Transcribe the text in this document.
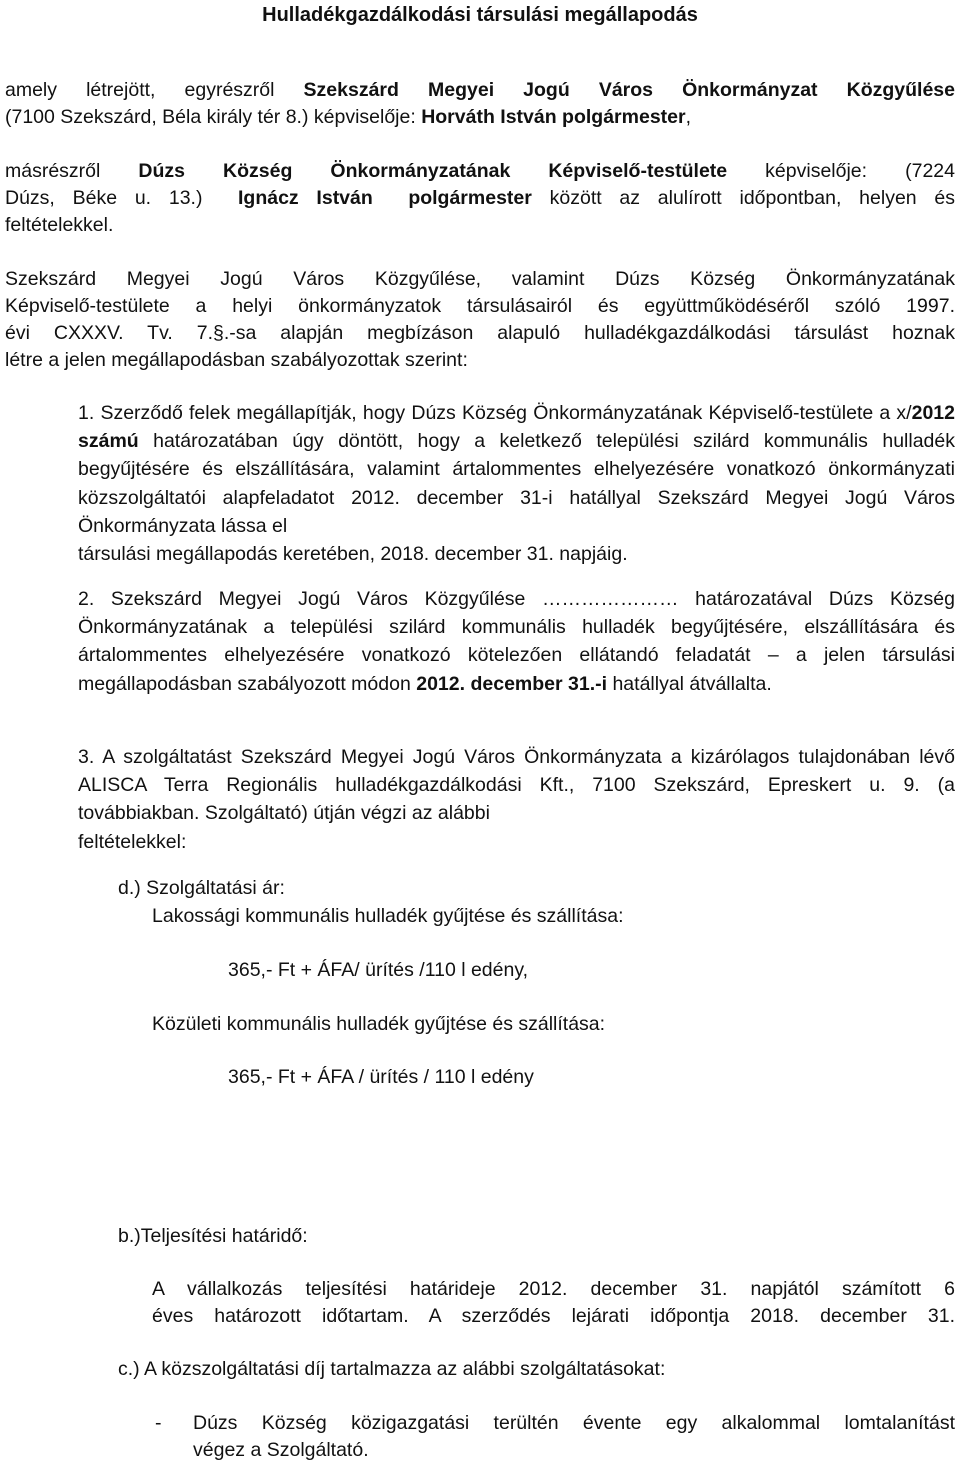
Hulladékgazdálkodási társulási megállapodás
amely létrejött, egyrészről Szekszárd Megyei Jogú Város Önkormányzat Közgyűlése
(7100 Szekszárd, Béla király tér 8.) képviselője: Horváth István polgármester,
másrészről Dúzs Község Önkormányzatának Képviselő-testülete képviselője: (7224
Dúzs, Béke u. 13.)  Ignácz István  polgármester között az alulírott időpontban, helyen és
feltételekkel.
Szekszárd Megyei Jogú Város Közgyűlése, valamint Dúzs Község Önkormányzatának
Képviselő-testülete a helyi önkormányzatok társulásairól és együttműködéséről szóló 1997.
évi CXXXV. Tv. 7.§.-sa alapján megbízáson alapuló hulladékgazdálkodási társulást hoznak
létre a jelen megállapodásban szabályozottak szerint:
1. Szerződő felek megállapítják, hogy Dúzs Község Önkormányzatának Képviselő-testülete a x/2012 számú határozatában úgy döntött, hogy a keletkező települési szilárd kommunális hulladék begyűjtésére és elszállítására, valamint ártalommentes elhelyezésére vonatkozó önkormányzati közszolgáltatói alapfeladatot 2012. december 31-i hatállyal Szekszárd Megyei Jogú Város Önkormányzata lássa el
társulási megállapodás keretében, 2018. december 31. napjáig.
2. Szekszárd Megyei Jogú Város Közgyűlése ………………… határozatával Dúzs Község Önkormányzatának a települési szilárd kommunális hulladék begyűjtésére, elszállítására és ártalommentes elhelyezésére vonatkozó kötelezően ellátandó feladatát – a jelen társulási megállapodásban szabályozott módon 2012. december 31.-i hatállyal átvállalta.
3. A szolgáltatást Szekszárd Megyei Jogú Város Önkormányzata a kizárólagos tulajdonában lévő ALISCA Terra Regionális hulladékgazdálkodási Kft., 7100 Szekszárd, Epreskert u. 9. (a továbbiakban. Szolgáltató) útján végzi az alábbi
feltételekkel:
d.) Szolgáltatási ár:
Lakossági kommunális hulladék gyűjtése és szállítása:
365,- Ft + ÁFA/ ürítés /110 l edény,
Közületi kommunális hulladék gyűjtése és szállítása:
365,- Ft + ÁFA / ürítés / 110 l edény
b.)Teljesítési határidő:
A vállalkozás teljesítési határideje 2012. december 31. napjától számított 6
éves határozott időtartam. A szerződés lejárati időpontja 2018. december 31.
c.) A közszolgáltatási díj tartalmazza az alábbi szolgáltatásokat:
- Dúzs Község közigazgatási terültén évente egy alkalommal lomtalanítást
végez a Szolgáltató.
